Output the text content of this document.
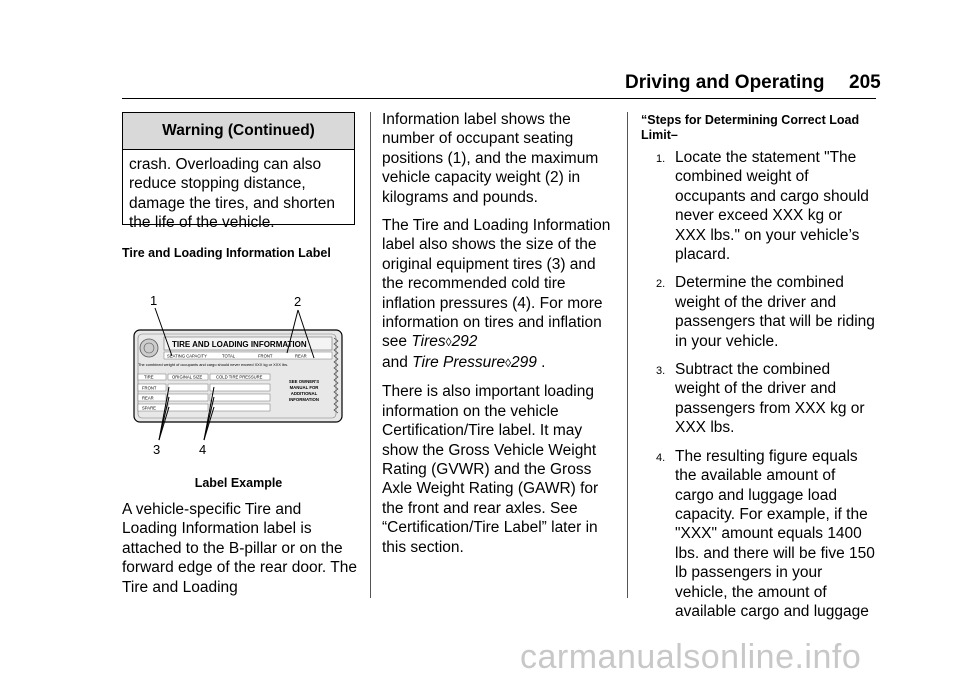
Driving and Operating 205
Warning (Continued)
crash. Overloading can also reduce stopping distance, damage the tires, and shorten the life of the vehicle.
Tire and Loading Information Label
TIRE AND LOADING INFORMATION
SEATING CAPACITY	TOTAL	FRONT	REAR
The combined weight of occupants and cargo should never exceed XXX kg or XXX lbs.
TIRE	ORIGINAL SIZE	COLD TIRE PRESSURE
FRONT
REAR
SPARE
SEE OWNER'S
MANUAL FOR
ADDITIONAL
INFORMATION
1	2
3	4
Label Example
A vehicle-specific Tire and Loading Information label is attached to the B-pillar or on the forward edge of the rear door. The Tire and Loading
Information label shows the number of occupant seating positions (1), and the maximum vehicle capacity weight (2) in kilograms and pounds.
The Tire and Loading Information label also shows the size of the original equipment tires (3) and the recommended cold tire inflation pressures (4). For more information on tires and inflation see Tires◊292
and Tire Pressure◊299 .
There is also important loading information on the vehicle Certification/Tire label. It may show the Gross Vehicle Weight Rating (GVWR) and the Gross Axle Weight Rating (GAWR) for the front and rear axles. See “Certification/Tire Label” later in this section.
“Steps for Determining Correct Load Limit–
1. Locate the statement "The combined weight of occupants and cargo should never exceed XXX kg or XXX lbs." on your vehicle’s placard.
2. Determine the combined weight of the driver and passengers that will be riding in your vehicle.
3. Subtract the combined weight of the driver and passengers from XXX kg or XXX lbs.
4. The resulting figure equals the available amount of cargo and luggage load capacity. For example, if the "XXX" amount equals 1400 lbs. and there will be five 150 lb passengers in your vehicle, the amount of available cargo and luggage
carmanualsonline.info
